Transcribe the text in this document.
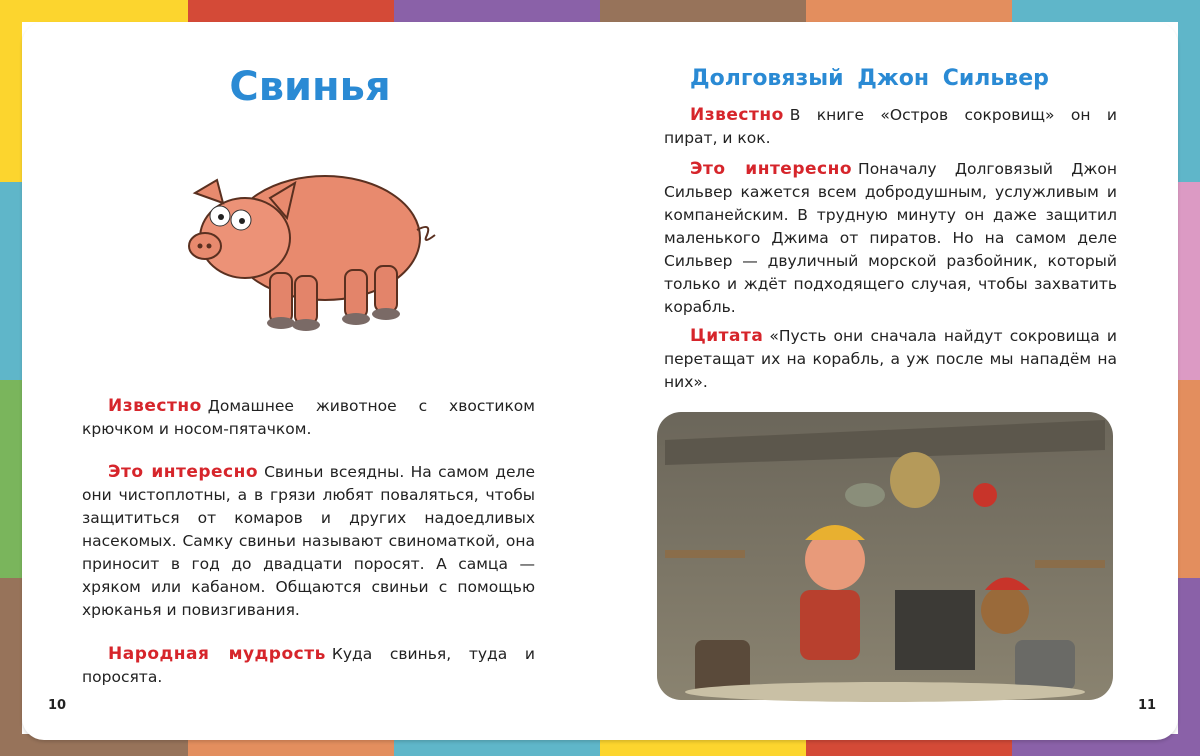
Свинья
Известно Домашнее животное с хвостиком крючком и носом-пятачком.
Это интересно Свиньи всеядны. На самом деле они чистоплотны, а в грязи любят поваляться, чтобы защититься от комаров и других надоедливых насекомых. Самку свиньи называют свиноматкой, она приносит в год до двадцати поросят. А самца — хряком или кабаном. Общаются свиньи с помощью хрюканья и повизгивания.
Народная мудрость Куда свинья, туда и поросята.
10
Долговязый Джон Сильвер
Известно В книге «Остров сокровищ» он и пират, и кок.
Это интересно Поначалу Долговязый Джон Сильвер кажется всем добродушным, услужливым и компанейским. В трудную минуту он даже защитил маленького Джима от пиратов. Но на самом деле Сильвер — двуличный морской разбойник, который только и ждёт подходящего случая, чтобы захватить корабль.
Цитата «Пусть они сначала найдут сокровища и перетащат их на корабль, а уж после мы нападём на них».
11
